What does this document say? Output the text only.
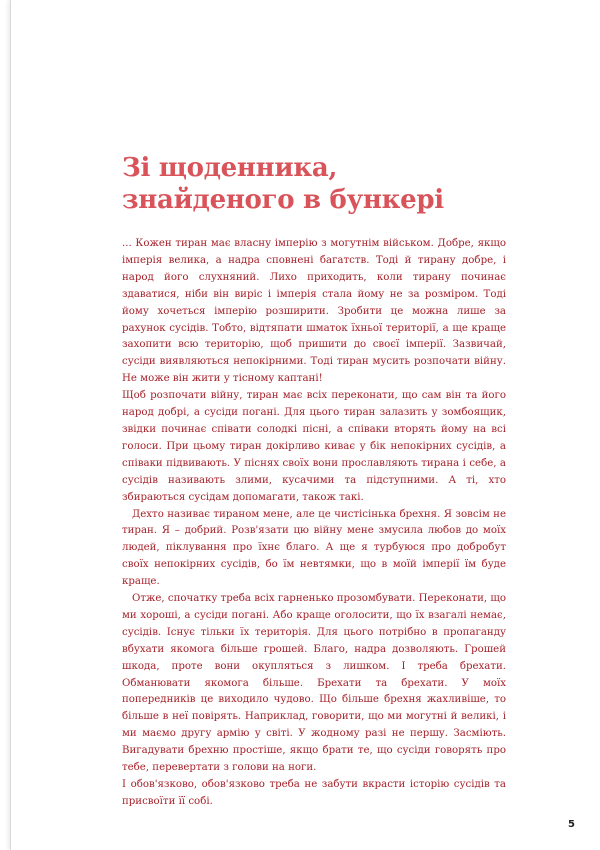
Зі щоденника,
знайденого в бункері

... Кожен тиран має власну імперію з могутнім військом. Добре, якщо імперія велика, а надра сповнені багатств. Тоді й тирану добре, і народ його слухняний. Лихо приходить, коли тирану починає здаватися, ніби він виріс і імперія стала йому не за розміром. Тоді йому хочеться імперію розширити. Зробити це можна лише за рахунок сусідів. Тобто, відтяпати шматок їхньої території, а ще краще захопити всю територію, щоб пришити до своєї імперії. Зазвичай, сусіди виявляються непокірними. Тоді тиран мусить розпочати війну. Не може він жити у тісному каптані!

Щоб розпочати війну, тиран має всіх переконати, що сам він та його народ добрі, а сусіди погані. Для цього тиран залазить у зомбоящик, звідки починає співати солодкі пісні, а співаки вторять йому на всі голоси. При цьому тиран докірливо киває у бік непокірних сусідів, а співаки підвивають. У піснях своїх вони прославляють тирана і себе, а сусідів називають злими, кусачими та підступними. А ті, хто збираються сусідам допомагати, також такі.

Дехто називає тираном мене, але це чистісінька брехня. Я зовсім не тиран. Я – добрий. Розв'язати цю війну мене змусила любов до моїх людей, піклування про їхнє благо. А ще я турбуюся про добробут своїх непокірних сусідів, бо їм невтямки, що в моїй імперії їм буде краще.

Отже, спочатку треба всіх гарненько прозомбувати. Переконати, що ми хороші, а сусіди погані. Або краще оголосити, що їх взагалі немає, сусідів. Існує тільки їх територія. Для цього потрібно в пропаганду вбухати якомога більше грошей. Благо, надра дозволяють. Грошей шкода, проте вони окупляться з лишком. І треба брехати. Обманювати якомога більше. Брехати та брехати. У моїх попередників це виходило чудово. Що більше брехня жахливіше, то більше в неї повірять. Наприклад, говорити, що ми могутні й великі, і ми маємо другу армію у світі. У жодному разі не першу. Засміють. Вигадувати брехню простіше, якщо брати те, що сусіди говорять про тебе, перевертати з голови на ноги.

І обов'язково, обов'язково треба не забути вкрасти історію сусідів та присвоїти її собі.

5
